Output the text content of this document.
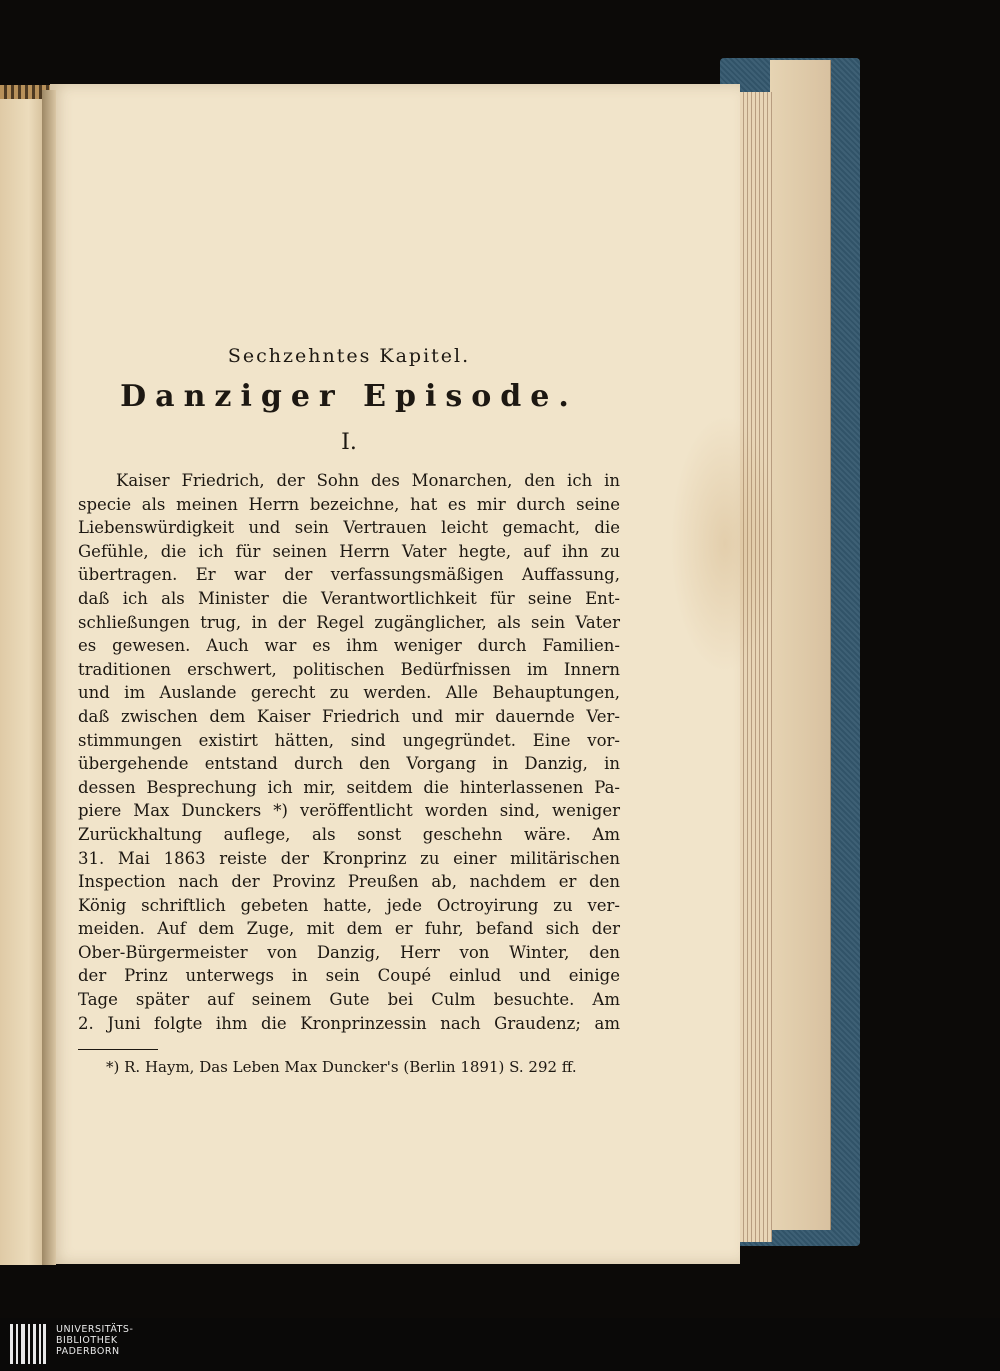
Sechzehntes Kapitel.

Danziger Episode.

I.

Kaiser Friedrich, der Sohn des Monarchen, den ich in
specie als meinen Herrn bezeichne, hat es mir durch seine
Liebenswürdigkeit und sein Vertrauen leicht gemacht, die
Gefühle, die ich für seinen Herrn Vater hegte, auf ihn zu
übertragen. Er war der verfassungsmäßigen Auffassung,
daß ich als Minister die Verantwortlichkeit für seine Ent-
schließungen trug, in der Regel zugänglicher, als sein Vater
es gewesen. Auch war es ihm weniger durch Familien-
traditionen erschwert, politischen Bedürfnissen im Innern
und im Auslande gerecht zu werden. Alle Behauptungen,
daß zwischen dem Kaiser Friedrich und mir dauernde Ver-
stimmungen existirt hätten, sind ungegründet. Eine vor-
übergehende entstand durch den Vorgang in Danzig, in
dessen Besprechung ich mir, seitdem die hinterlassenen Pa-
piere Max Dunckers *) veröffentlicht worden sind, weniger
Zurückhaltung auflege, als sonst geschehn wäre. Am
31. Mai 1863 reiste der Kronprinz zu einer militärischen
Inspection nach der Provinz Preußen ab, nachdem er den
König schriftlich gebeten hatte, jede Octroyirung zu ver-
meiden. Auf dem Zuge, mit dem er fuhr, befand sich der
Ober-Bürgermeister von Danzig, Herr von Winter, den
der Prinz unterwegs in sein Coupé einlud und einige
Tage später auf seinem Gute bei Culm besuchte. Am
2. Juni folgte ihm die Kronprinzessin nach Graudenz; am

*) R. Haym, Das Leben Max Duncker's (Berlin 1891) S. 292 ff.

UNIVERSITÄTS-
BIBLIOTHEK
PADERBORN
